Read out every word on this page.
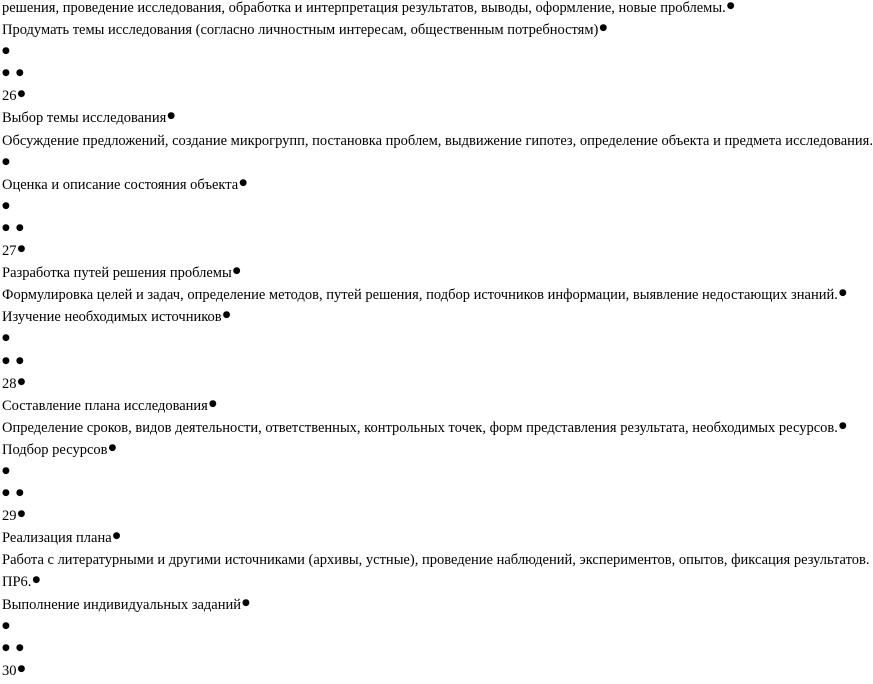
решения, проведение исследования, обработка и интерпретация результатов, выводы, оформление, новые проблемы.●
Продумать темы исследования (согласно личностным интересам, общественным потребностям)●
●
● ●
26●
Выбор темы исследования●
Обсуждение предложений, создание микрогрупп, постановка проблем, выдвижение гипотез, определение объекта и предмета исследования.
●
Оценка и описание состояния объекта●
●
● ●
27●
Разработка путей решения проблемы●
Формулировка целей и задач, определение методов, путей решения, подбор источников информации, выявление недостающих знаний.●
Изучение необходимых источников●
●
● ●
28●
Составление плана исследования●
Определение сроков, видов деятельности, ответственных, контрольных точек, форм представления результата, необходимых ресурсов.●
Подбор ресурсов●
●
● ●
29●
Реализация плана●
Работа с литературными и другими источниками (архивы, устные), проведение наблюдений, экспериментов, опытов, фиксация результатов.
ПР6.●
Выполнение индивидуальных заданий●
●
● ●
30●
